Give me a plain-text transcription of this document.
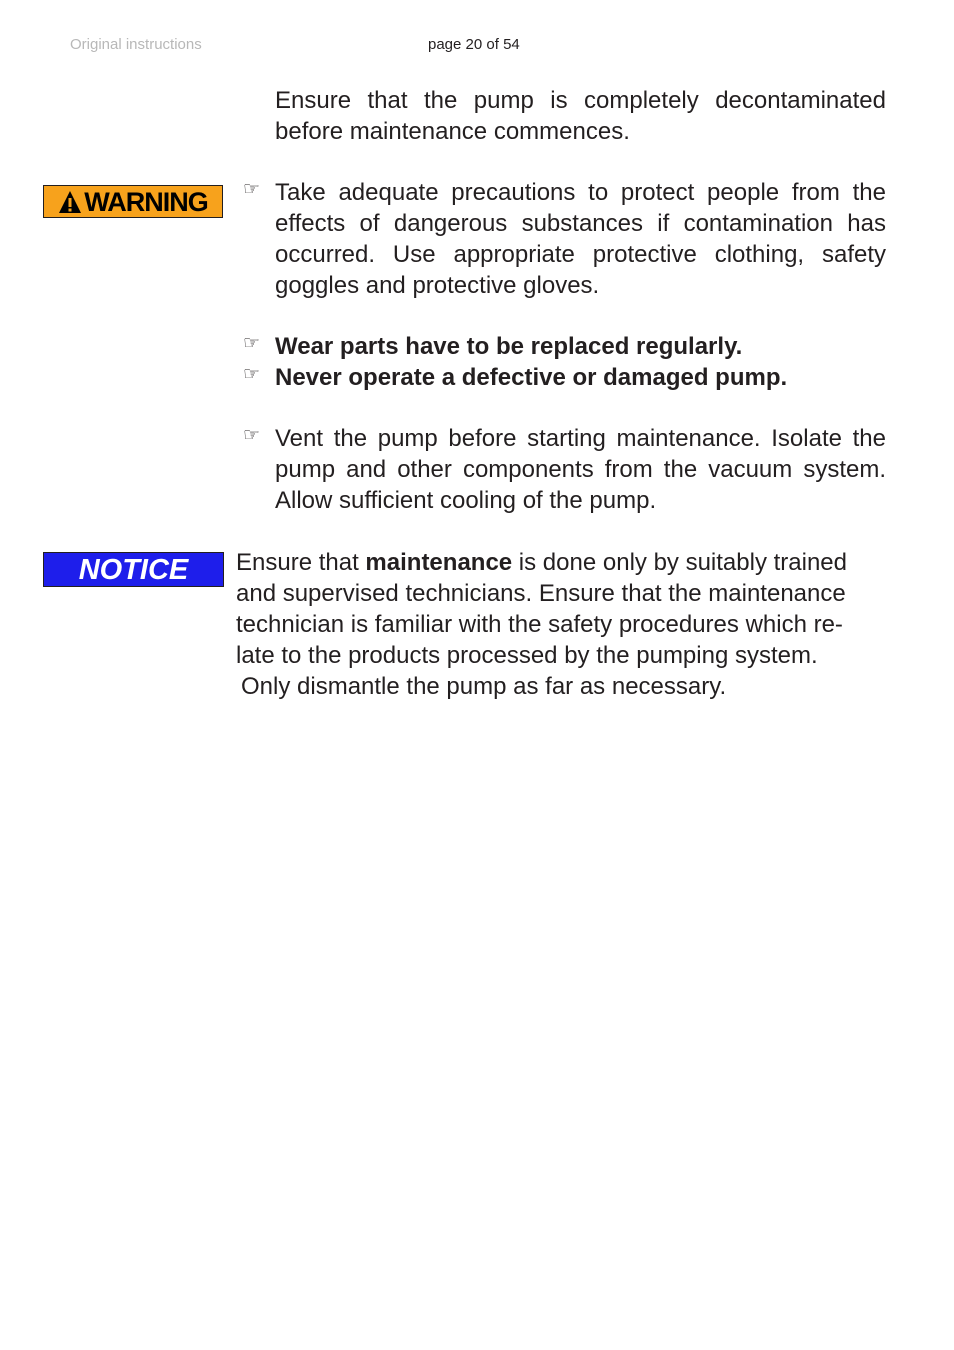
Original instructions	page 20 of 54
Ensure that the pump is completely decontaminated before maintenance commences.
WARNING ☞ Take adequate precautions to protect people from the effects of dangerous substances if contamination has occurred. Use appropriate protective clothing, safety goggles and protective gloves.
☞ Wear parts have to be replaced regularly.
☞ Never operate a defective or damaged pump.
☞ Vent the pump before starting maintenance. Isolate the pump and other components from the vacuum system. Allow sufficient cooling of the pump.
NOTICE Ensure that maintenance is done only by suitably trained
and supervised technicians. Ensure that the maintenance
technician is familiar with the safety procedures which re-
late to the products processed by the pumping system.
Only dismantle the pump as far as necessary.
